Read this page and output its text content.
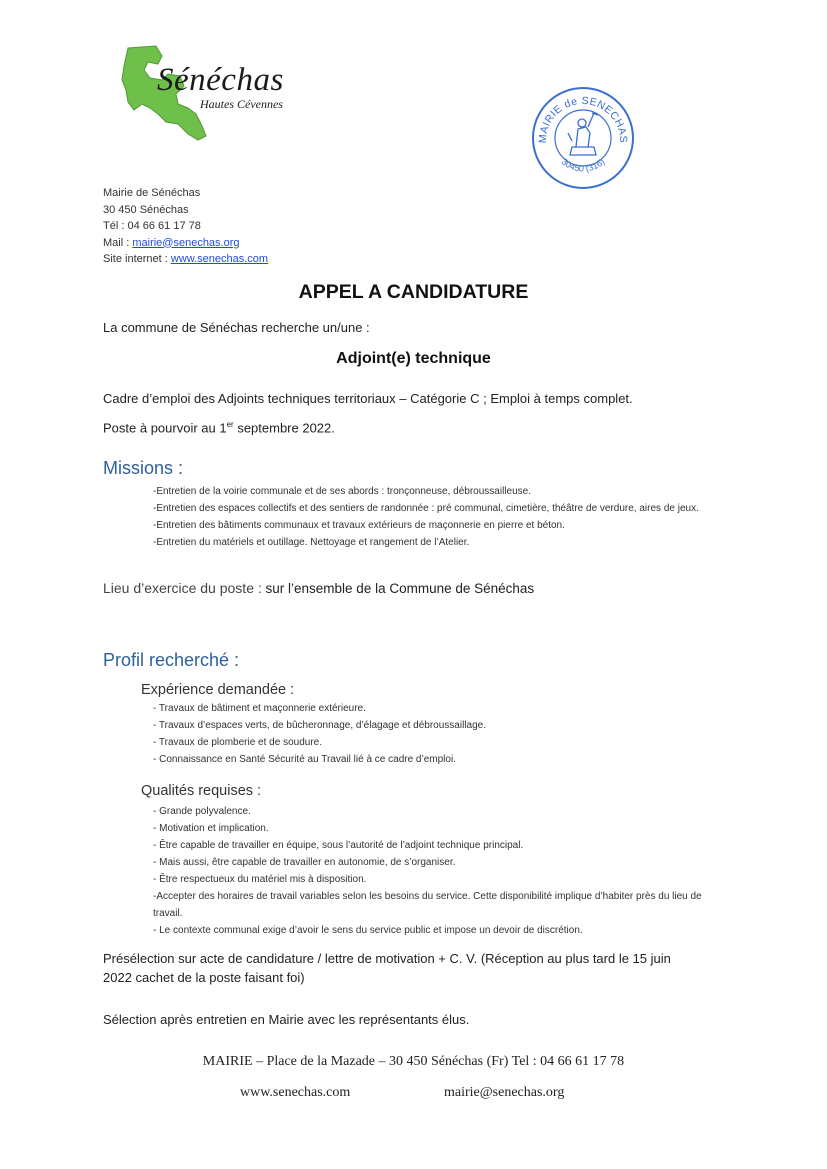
Sénéchas
Hautes Cévennes
MAIRIE de SENECHAS
30450 (316)
Mairie de Sénéchas
30 450 Sénéchas
Tél : 04 66 61 17 78
Mail : mairie@senechas.org
Site internet : www.senechas.com
APPEL A CANDIDATURE
La commune de Sénéchas recherche un/une :
Adjoint(e) technique
Cadre d’emploi des Adjoints techniques territoriaux – Catégorie C ; Emploi à temps complet.
Poste à pourvoir au 1er septembre 2022.
Missions :
-Entretien de la voirie communale et de ses abords : tronçonneuse, débroussailleuse.
-Entretien des espaces collectifs et des sentiers de randonnée : pré communal, cimetière, théâtre de verdure, aires de jeux.
-Entretien des bâtiments communaux et travaux extérieurs de maçonnerie en pierre et béton.
-Entretien du matériels et outillage. Nettoyage et rangement de l’Atelier.
Lieu d’exercice du poste : sur l’ensemble de la Commune de Sénéchas
Profil recherché :
Expérience demandée :
- Travaux de bâtiment et maçonnerie extérieure.
- Travaux d’espaces verts, de bûcheronnage, d’élagage et débroussaillage.
- Travaux de plomberie et de soudure.
- Connaissance en Santé Sécurité au Travail lié à ce cadre d’emploi.
Qualités requises :
- Grande polyvalence.
- Motivation et implication.
- Être capable de travailler en équipe, sous l’autorité de l’adjoint technique principal.
- Mais aussi, être capable de travailler en autonomie, de s’organiser.
- Être respectueux du matériel mis à disposition.
-Accepter des horaires de travail variables selon les besoins du service. Cette disponibilité implique d’habiter près du lieu de travail.
- Le contexte communal exige d’avoir le sens du service public et impose un devoir de discrétion.
Présélection sur acte de candidature / lettre de motivation + C. V. (Réception au plus tard le 15 juin
2022 cachet de la poste faisant foi)
Sélection après entretien en Mairie avec les représentants élus.
MAIRIE – Place de la Mazade – 30 450 Sénéchas (Fr) Tel : 04 66 61 17 78
www.senechas.com	mairie@senechas.org
